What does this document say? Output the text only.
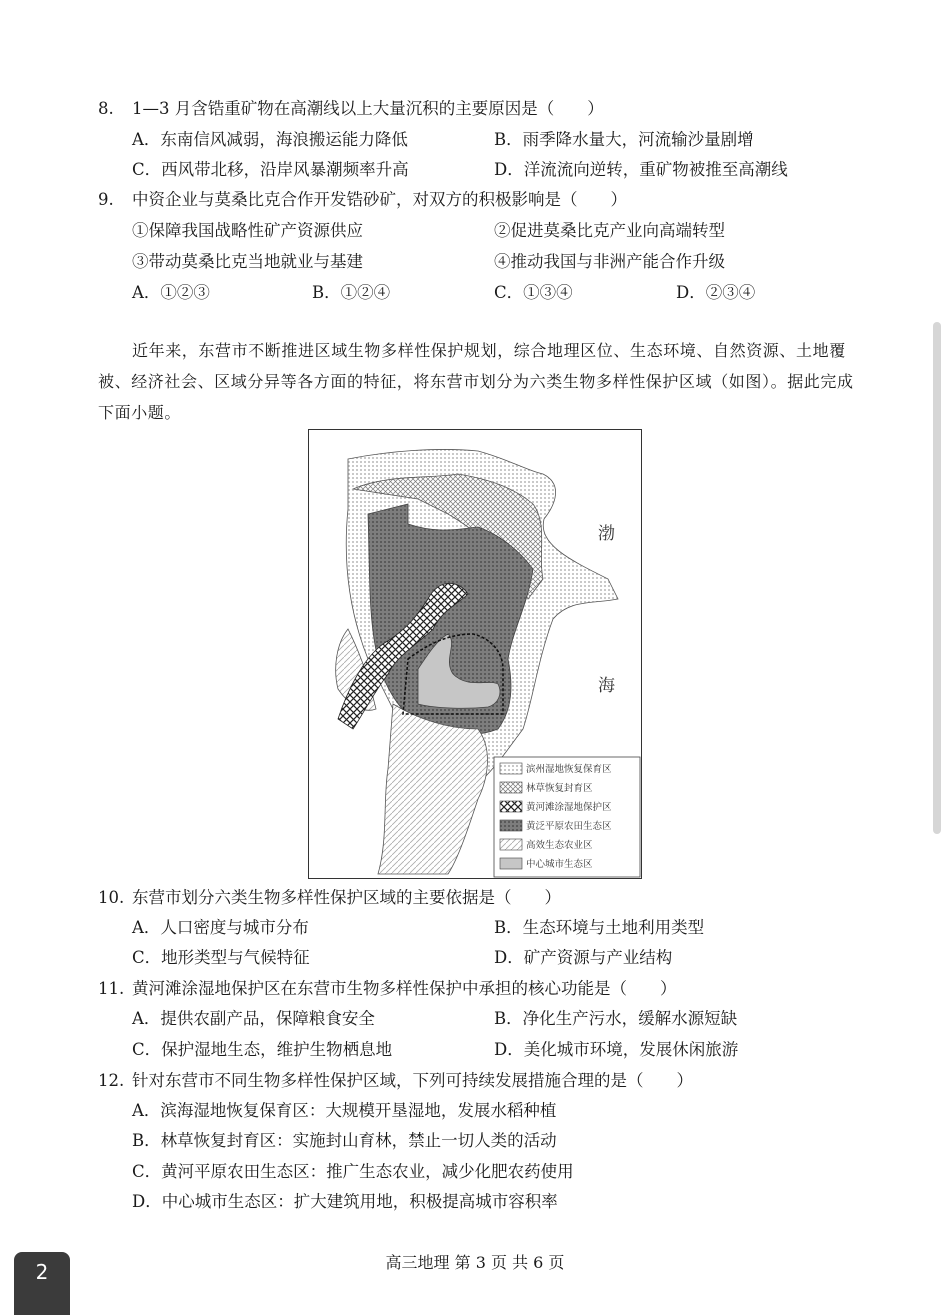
8. 1—3 月含锆重矿物在高潮线以上大量沉积的主要原因是（　　）
A．东南信风减弱，海浪搬运能力降低	B．雨季降水量大，河流输沙量剧增
C．西风带北移，沿岸风暴潮频率升高	D．洋流流向逆转，重矿物被推至高潮线
9. 中资企业与莫桑比克合作开发锆砂矿，对双方的积极影响是（　　）
①保障我国战略性矿产资源供应	②促进莫桑比克产业向高端转型
③带动莫桑比克当地就业与基建	④推动我国与非洲产能合作升级
A．①②③	B．①②④	C．①③④	D．②③④
近年来，东营市不断推进区域生物多样性保护规划，综合地理区位、生态环境、自然资源、土地覆被、经济社会、区域分异等各方面的特征，将东营市划分为六类生物多样性保护区域（如图）。据此完成下面小题。
渤
海
滨州湿地恢复保育区
林草恢复封育区
黄河滩涂湿地保护区
黄泛平原农田生态区
高效生态农业区
中心城市生态区
10. 东营市划分六类生物多样性保护区域的主要依据是（　　）
A．人口密度与城市分布	B．生态环境与土地利用类型
C．地形类型与气候特征	D．矿产资源与产业结构
11. 黄河滩涂湿地保护区在东营市生物多样性保护中承担的核心功能是（　　）
A．提供农副产品，保障粮食安全	B．净化生产污水，缓解水源短缺
C．保护湿地生态，维护生物栖息地	D．美化城市环境，发展休闲旅游
12. 针对东营市不同生物多样性保护区域，下列可持续发展措施合理的是（　　）
A．滨海湿地恢复保育区：大规模开垦湿地，发展水稻种植
B．林草恢复封育区：实施封山育林，禁止一切人类的活动
C．黄河平原农田生态区：推广生态农业，减少化肥农药使用
D．中心城市生态区：扩大建筑用地，积极提高城市容积率
高三地理 第 3 页 共 6 页
2
